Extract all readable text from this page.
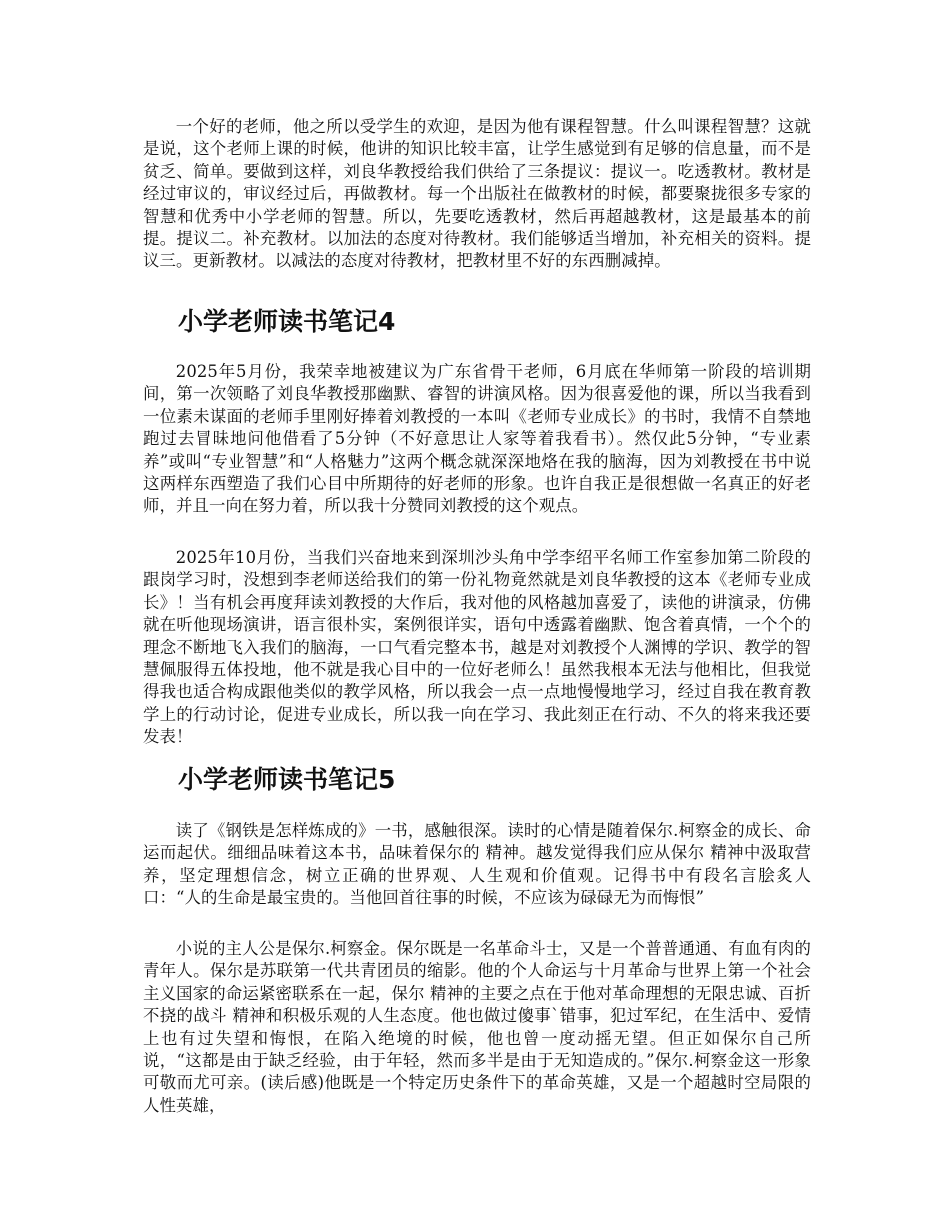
一个好的老师，他之所以受学生的欢迎，是因为他有课程智慧。什么叫课程智慧？这就是说，这个老师上课的时候，他讲的知识比较丰富，让学生感觉到有足够的信息量，而不是贫乏、简单。要做到这样，刘良华教授给我们供给了三条提议：提议一。吃透教材。教材是经过审议的，审议经过后，再做教材。每一个出版社在做教材的时候，都要聚拢很多专家的智慧和优秀中小学老师的智慧。所以，先要吃透教材，然后再超越教材，这是最基本的前提。提议二。补充教材。以加法的态度对待教材。我们能够适当增加，补充相关的资料。提议三。更新教材。以减法的态度对待教材，把教材里不好的东西删减掉。

小学老师读书笔记4

2025年5月份，我荣幸地被建议为广东省骨干老师，6月底在华师第一阶段的培训期间，第一次领略了刘良华教授那幽默、睿智的讲演风格。因为很喜爱他的课，所以当我看到一位素未谋面的老师手里刚好捧着刘教授的一本叫《老师专业成长》的书时，我情不自禁地跑过去冒昧地问他借看了5分钟（不好意思让人家等着我看书）。然仅此5分钟，“专业素养”或叫“专业智慧”和“人格魅力”这两个概念就深深地烙在我的脑海，因为刘教授在书中说这两样东西塑造了我们心目中所期待的好老师的形象。也许自我正是很想做一名真正的好老师，并且一向在努力着，所以我十分赞同刘教授的这个观点。

2025年10月份，当我们兴奋地来到深圳沙头角中学李绍平名师工作室参加第二阶段的跟岗学习时，没想到李老师送给我们的第一份礼物竟然就是刘良华教授的这本《老师专业成长》！当有机会再度拜读刘教授的大作后，我对他的风格越加喜爱了，读他的讲演录，仿佛就在听他现场演讲，语言很朴实，案例很详实，语句中透露着幽默、饱含着真情，一个个的理念不断地飞入我们的脑海，一口气看完整本书，越是对刘教授个人渊博的学识、教学的智慧佩服得五体投地，他不就是我心目中的一位好老师么！虽然我根本无法与他相比，但我觉得我也适合构成跟他类似的教学风格，所以我会一点一点地慢慢地学习，经过自我在教育教学上的行动讨论，促进专业成长，所以我一向在学习、我此刻正在行动、不久的将来我还要发表！

小学老师读书笔记5

读了《钢铁是怎样炼成的》一书，感触很深。读时的心情是随着保尔.柯察金的成长、命运而起伏。细细品味着这本书，品味着保尔的 精神。越发觉得我们应从保尔 精神中汲取营养，坚定理想信念，树立正确的世界观、人生观和价值观。记得书中有段名言脍炙人口：“人的生命是最宝贵的。当他回首往事的时候，不应该为碌碌无为而悔恨”

小说的主人公是保尔.柯察金。保尔既是一名革命斗士，又是一个普普通通、有血有肉的青年人。保尔是苏联第一代共青团员的缩影。他的个人命运与十月革命与世界上第一个社会主义国家的命运紧密联系在一起，保尔 精神的主要之点在于他对革命理想的无限忠诚、百折不挠的战斗 精神和积极乐观的人生态度。他也做过傻事`错事，犯过军纪，在生活中、爱情上也有过失望和悔恨，在陷入绝境的时候，他也曾一度动摇无望。但正如保尔自己所说，“这都是由于缺乏经验，由于年轻，然而多半是由于无知造成的。”保尔.柯察金这一形象可敬而尤可亲。(读后感)他既是一个特定历史条件下的革命英雄，又是一个超越时空局限的人性英雄，
